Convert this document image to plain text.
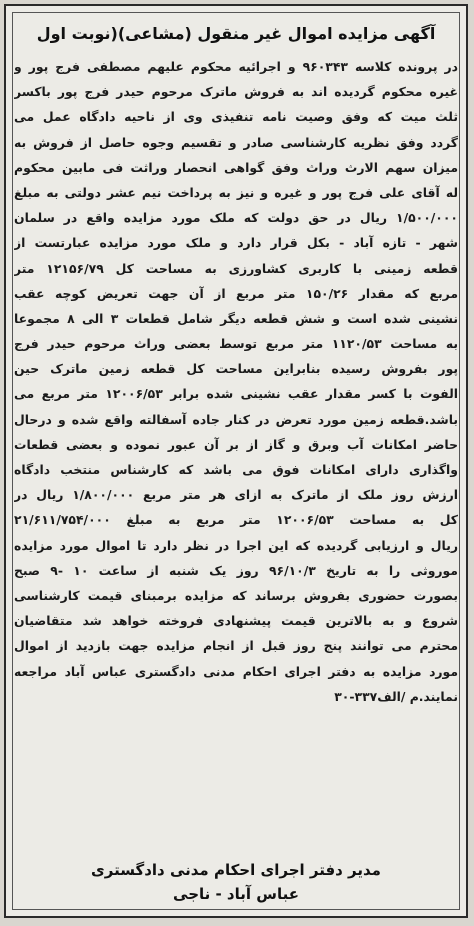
آگهی مزایده اموال غیر منقول (مشاعی)(نوبت اول
در پرونده کلاسه ۹۶۰۳۴۳ و اجرائیه محکوم علیهم مصطفی فرج پور و
غیره محکوم گردیده اند به فروش ماترک مرحوم حیدر فرج پور باکسر
ثلث میت که وفق وصیت نامه تنفیذی وی از ناحیه دادگاه عمل می
گردد وفق نظریه کارشناسی صادر و تقسیم وجوه حاصل از فروش به
میزان سهم الارث وراث وفق گواهی انحصار وراثت فی مابین محکوم
له آقای علی فرج پور و غیره و نیز به پرداخت نیم عشر دولتی به مبلغ
۱/۵۰۰/۰۰۰ ریال در حق دولت که ملک مورد مزایده واقع در سلمان
شهر - تازه آباد - بکل قرار دارد و ملک مورد مزایده عبارتست از
قطعه زمینی با کاربری کشاورزی به مساحت کل ۱۲۱۵۶/۷۹ متر
مربع که مقدار ۱۵۰/۲۶ متر مربع از آن جهت تعریض کوچه عقب
نشینی شده است و شش قطعه دیگر شامل قطعات ۳ الی ۸ مجموعا
به مساحت ۱۱۲۰/۵۳ متر مربع توسط بعضی وراث مرحوم حیدر فرج
پور بفروش رسیده بنابراین مساحت کل قطعه زمین ماترک حین
الفوت با کسر مقدار عقب نشینی شده برابر ۱۲۰۰۶/۵۳ متر مربع می
باشد.قطعه زمین مورد تعرض در کنار جاده آسفالته واقع شده و درحال
حاضر امکانات آب وبرق و گاز از بر آن عبور نموده و بعضی قطعات
واگذاری دارای امکانات فوق می باشد که کارشناس منتخب دادگاه
ارزش روز ملک از ماترک به ازای هر متر مربع ۱/۸۰۰/۰۰۰ ریال در
کل به مساحت ۱۲۰۰۶/۵۳ متر مربع به مبلغ ۲۱/۶۱۱/۷۵۴/۰۰۰
ریال و ارزیابی گردیده که این اجرا در نظر دارد تا اموال مورد مزایده
موروثی را به تاریخ ۹۶/۱۰/۳ روز یک شنبه از ساعت ۱۰ -۹ صبح
بصورت حضوری بفروش برساند که مزایده برمبنای قیمت کارشناسی
شروع و به بالاترین قیمت پیشنهادی فروخته خواهد شد متقاضیان
محترم می توانند پنج روز قبل از انجام مزایده جهت بازدید از اموال
مورد مزایده به دفتر اجرای احکام مدنی دادگستری عباس آباد مراجعه
نمایند.م /الف۳۳۷-۳۰
مدیر دفتر اجرای احکام مدنی دادگستری
عباس آباد - ناجی
